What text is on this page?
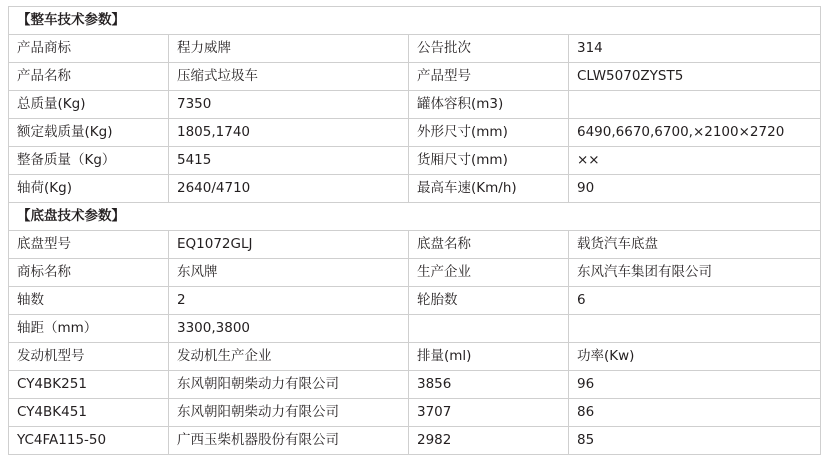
【整车技术参数】			
产品商标	程力威牌	公告批次	314
产品名称	压缩式垃圾车	产品型号	CLW5070ZYST5
总质量(Kg)	7350	罐体容积(m3)	
额定载质量(Kg)	1805,1740	外形尺寸(mm)	6490,6670,6700,×2100×2720
整备质量（Kg）	5415	货厢尺寸(mm)	××
轴荷(Kg)	2640/4710	最高车速(Km/h)	90
【底盘技术参数】			
底盘型号	EQ1072GLJ	底盘名称	载货汽车底盘
商标名称	东风牌	生产企业	东风汽车集团有限公司
轴数	2	轮胎数	6
轴距（mm）	3300,3800		
发动机型号	发动机生产企业	排量(ml)	功率(Kw)
CY4BK251	东风朝阳朝柴动力有限公司	3856	96
CY4BK451	东风朝阳朝柴动力有限公司	3707	86
YC4FA115-50	广西玉柴机器股份有限公司	2982	85
